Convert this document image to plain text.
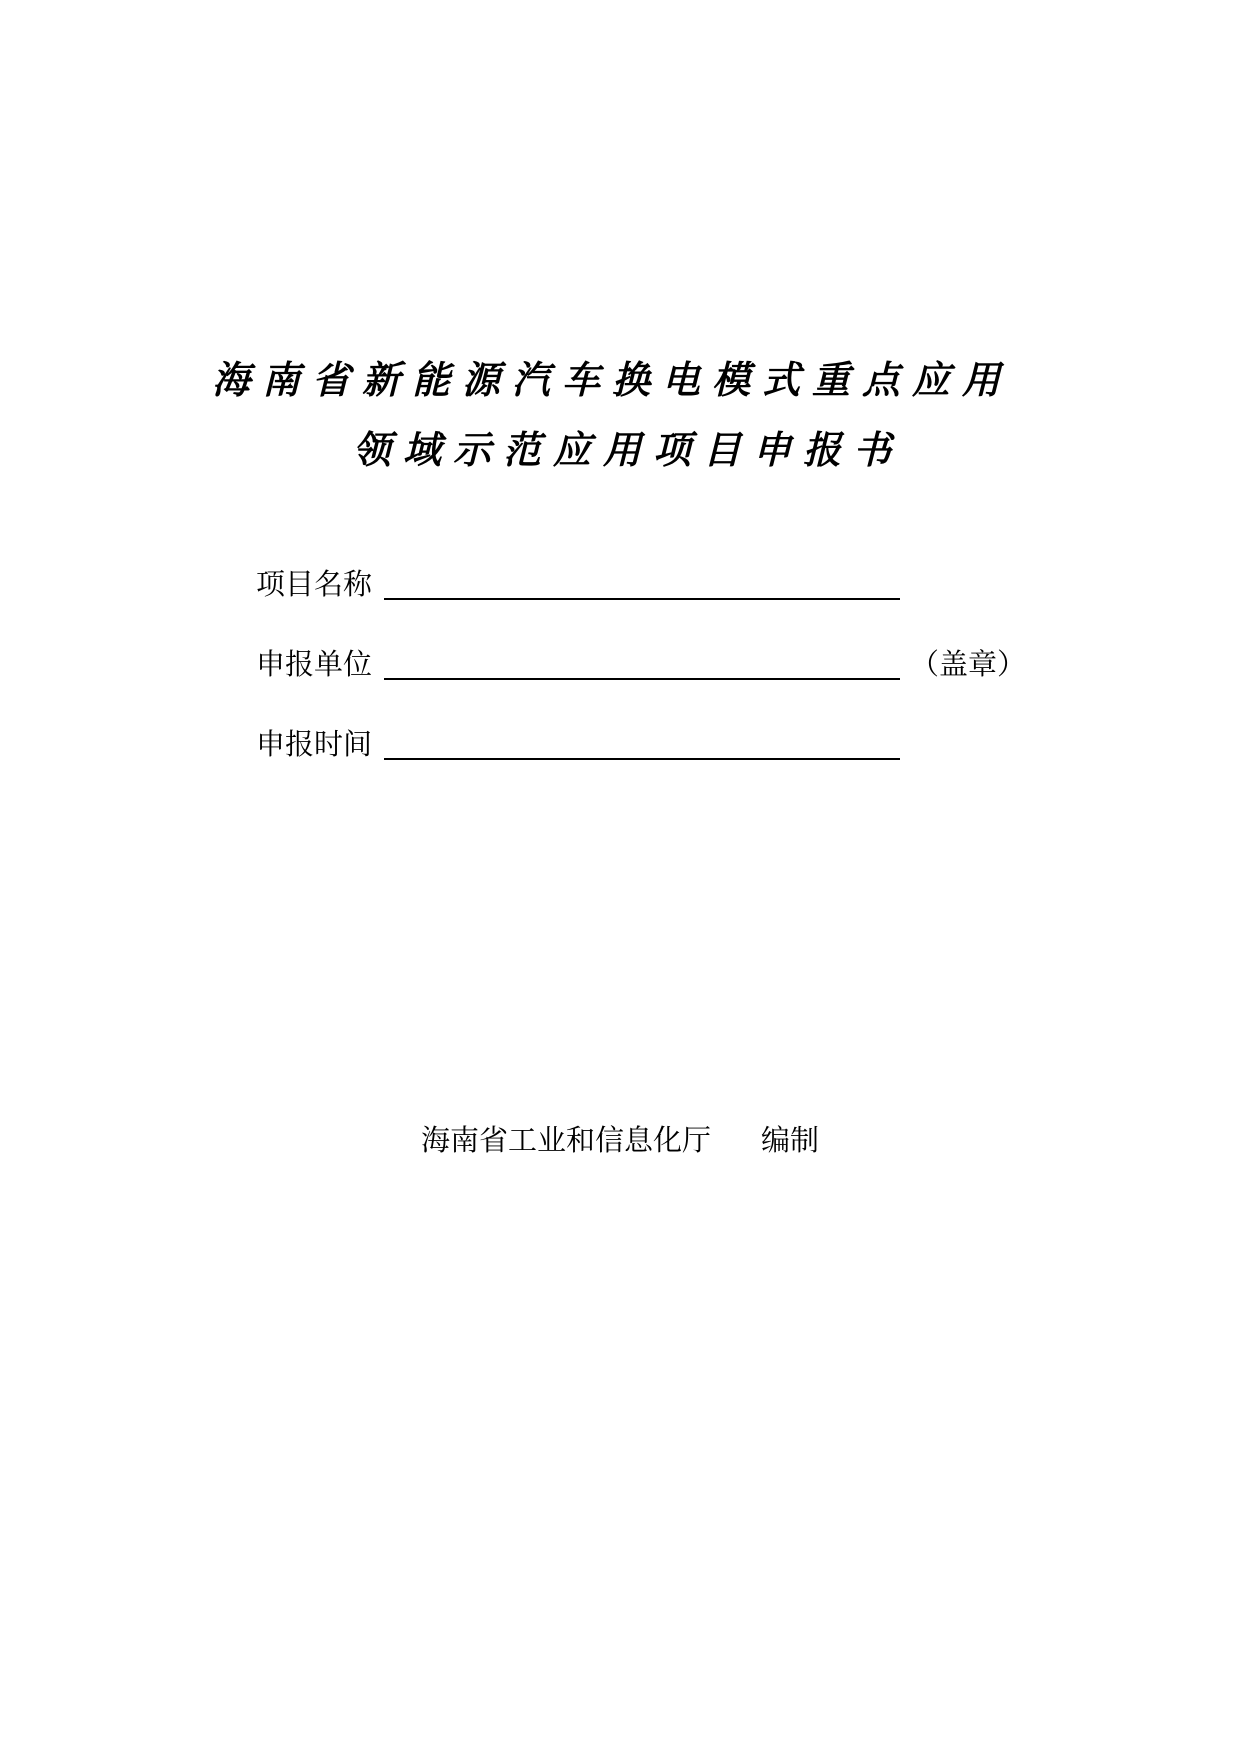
海南省新能源汽车换电模式重点应用
领域示范应用项目申报书
项目名称
申报单位	（盖章）
申报时间
海南省工业和信息化厅 编制
